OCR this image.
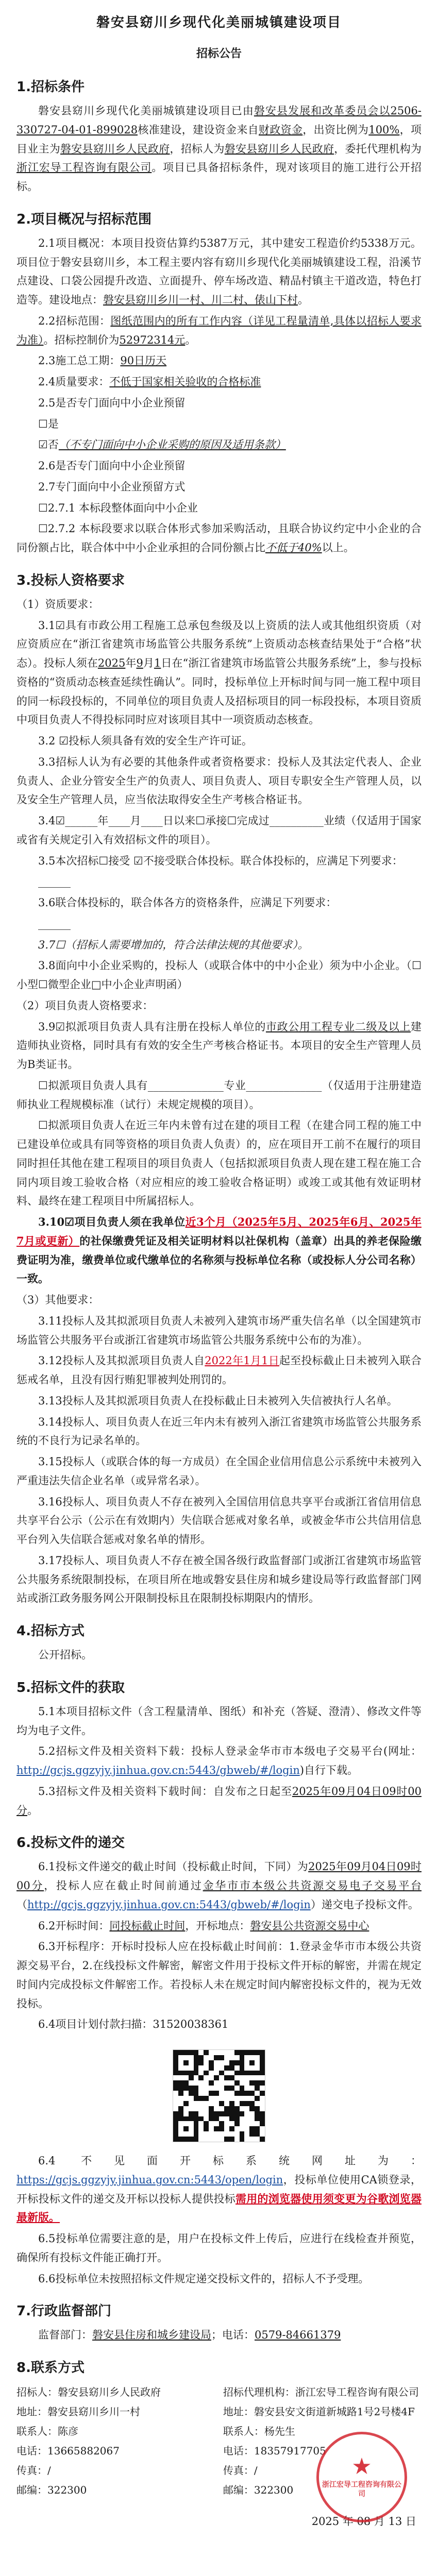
磐安县窈川乡现代化美丽城镇建设项目
招标公告
1.招标条件

磐安县窈川乡现代化美丽城镇建设项目已由磐安县发展和改革委员会以2506-330727-04-01-899028核准建设，建设资金来自财政资金，出资比例为100%，项目业主为磐安县窈川乡人民政府，招标人为磐安县窈川乡人民政府，委托代理机构为浙江宏导工程咨询有限公司。项目已具备招标条件，现对该项目的施工进行公开招标。

2.项目概况与招标范围

2.1项目概况：本项目投资估算约5387万元，其中建安工程造价约5338万元。项目位于磐安县窈川乡，本工程主要内容有窈川乡现代化美丽城镇建设工程，沿溪节点建设、口袋公园提升改造、立面提升、停车场改造、精品村镇主干道改造，特色打造等。建设地点：磐安县窈川乡川一村、川二村、俵山下村。

2.2招标范围：图纸范围内的所有工作内容（详见工程量清单,具体以招标人要求为准）。招标控制价为52972314元。

2.3施工总工期：90日历天

2.4质量要求：不低于国家相关验收的合格标准

2.5是否专门面向中小企业预留

☐是

☑否（不专门面向中小企业采购的原因及适用条款）

2.6是否专门面向中小企业预留

2.7专门面向中小企业预留方式

☐2.7.1 本标段整体面向中小企业

☐2.7.2 本标段要求以联合体形式参加采购活动，且联合协议约定中小企业的合同份额占比，联合体中中小企业承担的合同份额占比不低于40%以上。

3.投标人资格要求

（1）资质要求：

3.1☑具有市政公用工程施工总承包叁级及以上资质的法人或其他组织资质（对应资质应在“浙江省建筑市场监管公共服务系统”上资质动态核查结果处于“合格”状态）。投标人须在2025年9月1日在“浙江省建筑市场监管公共服务系统”上，参与投标资格的“资质动态核查延续性确认”。同时，投标单位上开标时间与同一施工程中项目的同一标段投标的，不同单位的项目负责人及招标项目的同一标段投标，本项目资质中项目负责人不得投标同时应对该项目其中一项资质动态核查。

3.2 ☑投标人须具备有效的安全生产许可证。

3.3招标人认为有必要的其他条件或者资格要求：投标人及其法定代表人、企业负责人、企业分管安全生产的负责人、项目负责人、项目专职安全生产管理人员，以及安全生产管理人员，应当依法取得安全生产考核合格证书。

3.4☑______年____月____日以来☐承接☐完成过__________业绩（仅适用于国家或省有关规定引入有效招标文件的项目）。

3.5本次招标☐接受 ☑不接受联合体投标。联合体投标的，应满足下列要求：

______

3.6联合体投标的，联合体各方的资格条件，应满足下列要求：

______

3.7☐（招标人需要增加的，符合法律法规的其他要求）。

3.8面向中小企业采购的，投标人（或联合体中的中小企业）须为中小企业。（☐小型☐微型企业□中小企业声明函）

（2）项目负责人资格要求：

3.9☑拟派项目负责人具有注册在投标人单位的市政公用工程专业二级及以上建造师执业资格，同时具有有效的安全生产考核合格证书。本项目的安全生产管理人员为B类证书。

☐拟派项目负责人具有______________专业______________（仅适用于注册建造师执业工程规模标准（试行）未规定规模的项目）。

☐拟派项目负责人在近三年内未曾有过在建的项目工程（在建合同工程的施工中已建设单位或具有同等资格的项目负责人负责）的，应在项目开工前不在履行的项目同时担任其他在建工程项目的项目负责人（包括拟派项目负责人现在建工程在施工合同内项目竣工验收合格（对应相应的竣工验收合格证明）或竣工或其他有效证明材料、最终在建工程项目中所属招标人。

3.10☑项目负责人须在我单位近3个月（2025年5月、2025年6月、2025年7月或更新）的社保缴费凭证及相关证明材料以社保机构（盖章）出具的养老保险缴费证明为准，缴费单位或代缴单位的名称须与投标单位名称（或投标人分公司名称）一致。

（3）其他要求：

3.11投标人及其拟派项目负责人未被列入建筑市场严重失信名单（以全国建筑市场监管公共服务平台或浙江省建筑市场监管公共服务系统中公布的为准）。

3.12投标人及其拟派项目负责人自2022年1月1日起至投标截止日未被列入联合惩戒名单，且没有因行贿犯罪被判处刑罚的。

3.13投标人及其拟派项目负责人在投标截止日未被列入失信被执行人名单。

3.14投标人、项目负责人在近三年内未有被列入浙江省建筑市场监管公共服务系统的不良行为记录名单的。

3.15投标人（或联合体的每一方成员）在全国企业信用信息公示系统中未被列入严重违法失信企业名单（或异常名录）。

3.16投标人、项目负责人不存在被列入全国信用信息共享平台或浙江省信用信息共享平台公示（公示在有效期内）失信联合惩戒对象名单，或被金华市公共信用信息平台列入失信联合惩戒对象名单的情形。

3.17投标人、项目负责人不存在被全国各级行政监督部门或浙江省建筑市场监管公共服务系统限制投标，在项目所在地或磐安县住房和城乡建设局等行政监督部门网站或浙江政务服务网公开限制投标且在限制投标期限内的情形。

4.招标方式

公开招标。

5.招标文件的获取

5.1本项目招标文件（含工程量清单、图纸）和补充（答疑、澄清）、修改文件等均为电子文件。

5.2招标文件及相关资料下载：投标人登录金华市市本级电子交易平台(网址：http://gcjs.ggzyjy.jinhua.gov.cn:5443/gbweb/#/login)自行下载。

5.3招标文件及相关资料下载时间：自发布之日起至2025年09月04日09时00分。

6.投标文件的递交

6.1投标文件递交的截止时间（投标截止时间，下同）为2025年09月04日09时00分，投标人应在截止时间前通过金华市市本级公共资源交易电子交易平台（http://gcjs.ggzyjy.jinhua.gov.cn:5443/gbweb/#/login）递交电子投标文件。

6.2开标时间：同投标截止时间，开标地点：磐安县公共资源交易中心

6.3开标程序：开标时投标人应在投标截止时间前：1.登录金华市市本级公共资源交易平台，2.在线投标文件解密，解密文件用于投标文件开标的解密，并需在规定时间内完成投标文件解密工作。若投标人未在规定时间内解密投标文件的，视为无效投标。

6.4项目计划付款扫描：31520038361

6.4 不见面开标系统网址为：https://gcjs.ggzyjy.jinhua.gov.cn:5443/open/login，投标单位使用CA锁登录，开标投标文件的递交及开标以投标人提供投标需用的浏览器使用须变更为谷歌浏览器最新版。

6.5投标单位需要注意的是，用户在投标文件上传后，应进行在线检查并预览，确保所有投标文件能正确打开。

6.6投标单位未按照招标文件规定递交投标文件的，招标人不予受理。

7.行政监督部门

监督部门：磐安县住房和城乡建设局；电话：0579-84661379

8.联系方式
招标人：磐安县窈川乡人民政府
地址：磐安县窈川乡川一村
联系人：陈彦
电话：13665882067
传真：/
邮编：322300
招标代理机构：浙江宏导工程咨询有限公司
地址：磐安县安文街道新城路1号2号楼4F
联系人：杨先生
电话：18357917705
传真：/
邮编：322300
★
浙江宏导工程咨询有限公司
2025 年 08 月 13 日
